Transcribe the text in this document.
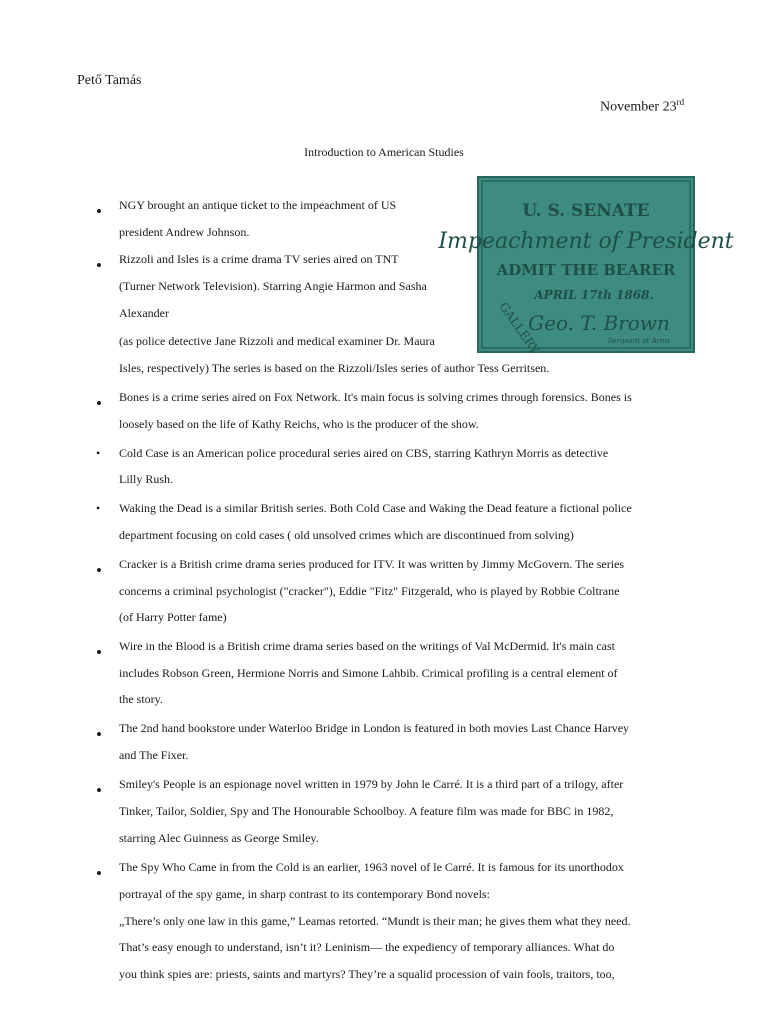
Pető Tamás
November 23rd
Introduction to American Studies
U. S. SENATE
Impeachment of President
ADMIT THE BEARER
APRIL 17th 1868.
GALLERY
Geo. T. Brown
Sergeant at Arms
• NGY brought an antique ticket to the impeachment of US
president Andrew Johnson.
• Rizzoli and Isles is a crime drama TV series aired on TNT
(Turner Network Television). Starring Angie Harmon and Sasha
Alexander
(as police detective Jane Rizzoli and medical examiner Dr. Maura
Isles, respectively) The series is based on the Rizzoli/Isles series of author Tess Gerritsen.
• Bones is a crime series aired on Fox Network. It's main focus is solving crimes through forensics. Bones is
loosely based on the life of Kathy Reichs, who is the producer of the show.
• Cold Case is an American police procedural series aired on CBS, starring Kathryn Morris as detective
Lilly Rush.
• Waking the Dead is a similar British series. Both Cold Case and Waking the Dead feature a fictional police
department focusing on cold cases ( old unsolved crimes which are discontinued from solving)
• Cracker is a British crime drama series produced for ITV. It was written by Jimmy McGovern. The series
concerns a criminal psychologist ("cracker"), Eddie "Fitz" Fitzgerald, who is played by Robbie Coltrane
(of Harry Potter fame)
• Wire in the Blood is a British crime drama series based on the writings of Val McDermid. It's main cast
includes Robson Green, Hermione Norris and Simone Lahbib. Crimical profiling is a central element of
the story.
• The 2nd hand bookstore under Waterloo Bridge in London is featured in both movies Last Chance Harvey
and The Fixer.
• Smiley's People is an espionage novel written in 1979 by John le Carré. It is a third part of a trilogy, after
Tinker, Tailor, Soldier, Spy and The Honourable Schoolboy. A feature film was made for BBC in 1982,
starring Alec Guinness as George Smiley.
• The Spy Who Came in from the Cold is an earlier, 1963 novel of le Carré. It is famous for its unorthodox
portrayal of the spy game, in sharp contrast to its contemporary Bond novels:
„There’s only one law in this game,” Leamas retorted. “Mundt is their man; he gives them what they need.
That’s easy enough to understand, isn’t it? Leninism— the expediency of temporary alliances. What do
you think spies are: priests, saints and martyrs? They’re a squalid procession of vain fools, traitors, too,
